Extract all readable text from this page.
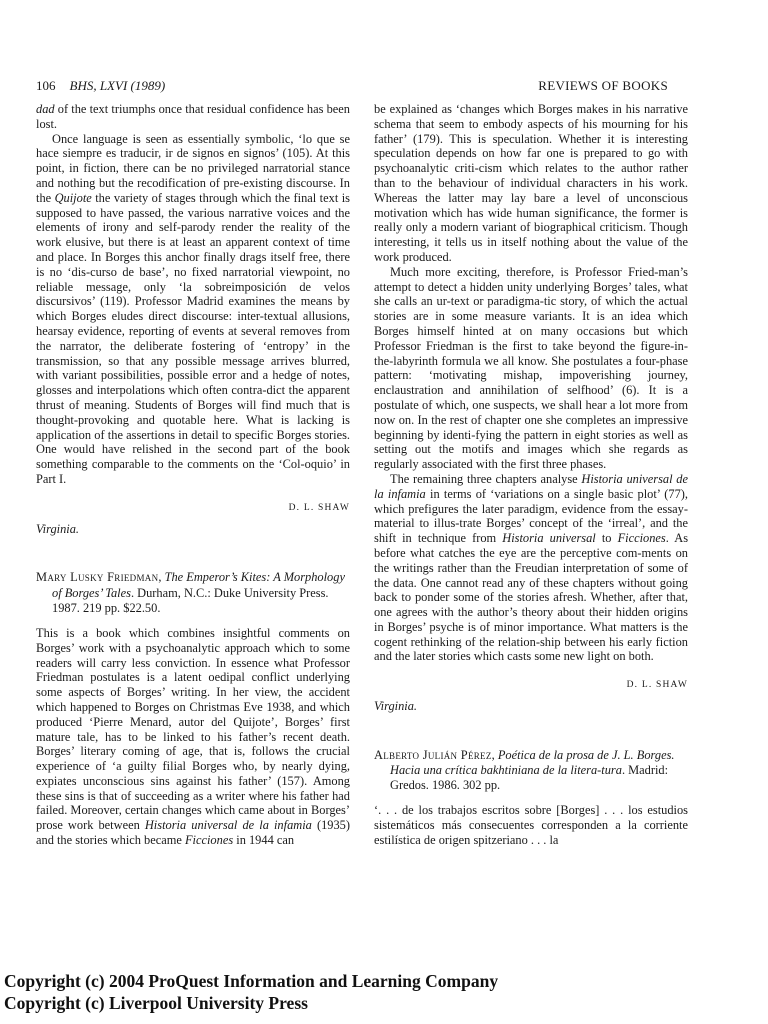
106 BHS, LXVI (1989)	REVIEWS OF BOOKS

dad of the text triumphs once that residual confidence has been lost.

Once language is seen as essentially symbolic, ‘lo que se hace siempre es traducir, ir de signos en signos’ (105). At this point, in fiction, there can be no privileged narratorial stance and nothing but the recodification of pre-existing discourse. In the Quijote the variety of stages through which the final text is supposed to have passed, the various narrative voices and the elements of irony and self-parody render the reality of the work elusive, but there is at least an apparent context of time and place. In Borges this anchor finally drags itself free, there is no ‘dis-curso de base’, no fixed narratorial viewpoint, no reliable message, only ‘la sobreimposición de velos discursivos’ (119). Professor Madrid examines the means by which Borges eludes direct discourse: inter-textual allusions, hearsay evidence, reporting of events at several removes from the narrator, the deliberate fostering of ‘entropy’ in the transmission, so that any possible message arrives blurred, with variant possibilities, possible error and a hedge of notes, glosses and interpolations which often contra-dict the apparent thrust of meaning. Students of Borges will find much that is thought-provoking and quotable here. What is lacking is application of the assertions in detail to specific Borges stories. One would have relished in the second part of the book something comparable to the comments on the ‘Col-oquio’ in Part I.

D. L. SHAW
Virginia.
Mary Lusky Friedman, The Emperor’s Kites: A Morphology of Borges’ Tales. Durham, N.C.: Duke University Press. 1987. 219 pp. $22.50.

This is a book which combines insightful comments on Borges’ work with a psychoanalytic approach which to some readers will carry less conviction. In essence what Professor Friedman postulates is a latent oedipal conflict underlying some aspects of Borges’ writing. In her view, the accident which happened to Borges on Christmas Eve 1938, and which produced ‘Pierre Menard, autor del Quijote’, Borges’ first mature tale, has to be linked to his father’s recent death. Borges’ literary coming of age, that is, follows the crucial experience of ‘a guilty filial Borges who, by nearly dying, expiates unconscious sins against his father’ (157). Among these sins is that of succeeding as a writer where his father had failed. Moreover, certain changes which came about in Borges’ prose work between Historia universal de la infamia (1935) and the stories which became Ficciones in 1944 can

be explained as ‘changes which Borges makes in his narrative schema that seem to embody aspects of his mourning for his father’ (179). This is speculation. Whether it is interesting speculation depends on how far one is prepared to go with psychoanalytic criti-cism which relates to the author rather than to the behaviour of individual characters in his work. Whereas the latter may lay bare a level of unconscious motivation which has wide human significance, the former is really only a modern variant of biographical criticism. Though interesting, it tells us in itself nothing about the value of the work produced.

Much more exciting, therefore, is Professor Fried-man’s attempt to detect a hidden unity underlying Borges’ tales, what she calls an ur-text or paradigma-tic story, of which the actual stories are in some measure variants. It is an idea which Borges himself hinted at on many occasions but which Professor Friedman is the first to take beyond the figure-in-the-labyrinth formula we all know. She postulates a four-phase pattern: ‘motivating mishap, impoverishing journey, enclaustration and annihilation of selfhood’ (6). It is a postulate of which, one suspects, we shall hear a lot more from now on. In the rest of chapter one she completes an impressive beginning by identi-fying the pattern in eight stories as well as setting out the motifs and images which she regards as regularly associated with the first three phases.

The remaining three chapters analyse Historia universal de la infamia in terms of ‘variations on a single basic plot’ (77), which prefigures the later paradigm, evidence from the essay-material to illus-trate Borges’ concept of the ‘irreal’, and the shift in technique from Historia universal to Ficciones. As before what catches the eye are the perceptive com-ments on the writings rather than the Freudian interpretation of some of the data. One cannot read any of these chapters without going back to ponder some of the stories afresh. Whether, after that, one agrees with the author’s theory about their hidden origins in Borges’ psyche is of minor importance. What matters is the cogent rethinking of the relation-ship between his early fiction and the later stories which casts some new light on both.

D. L. SHAW
Virginia.
Alberto Julián Pérez, Poética de la prosa de J. L. Borges. Hacia una crítica bakhtiniana de la litera-tura. Madrid: Gredos. 1986. 302 pp.

‘. . . de los trabajos escritos sobre [Borges] . . . los estudios sistemáticos más consecuentes corresponden a la corriente estilística de origen spitzeriano . . . la

Copyright (c) 2004 ProQuest Information and Learning Company
Copyright (c) Liverpool University Press
